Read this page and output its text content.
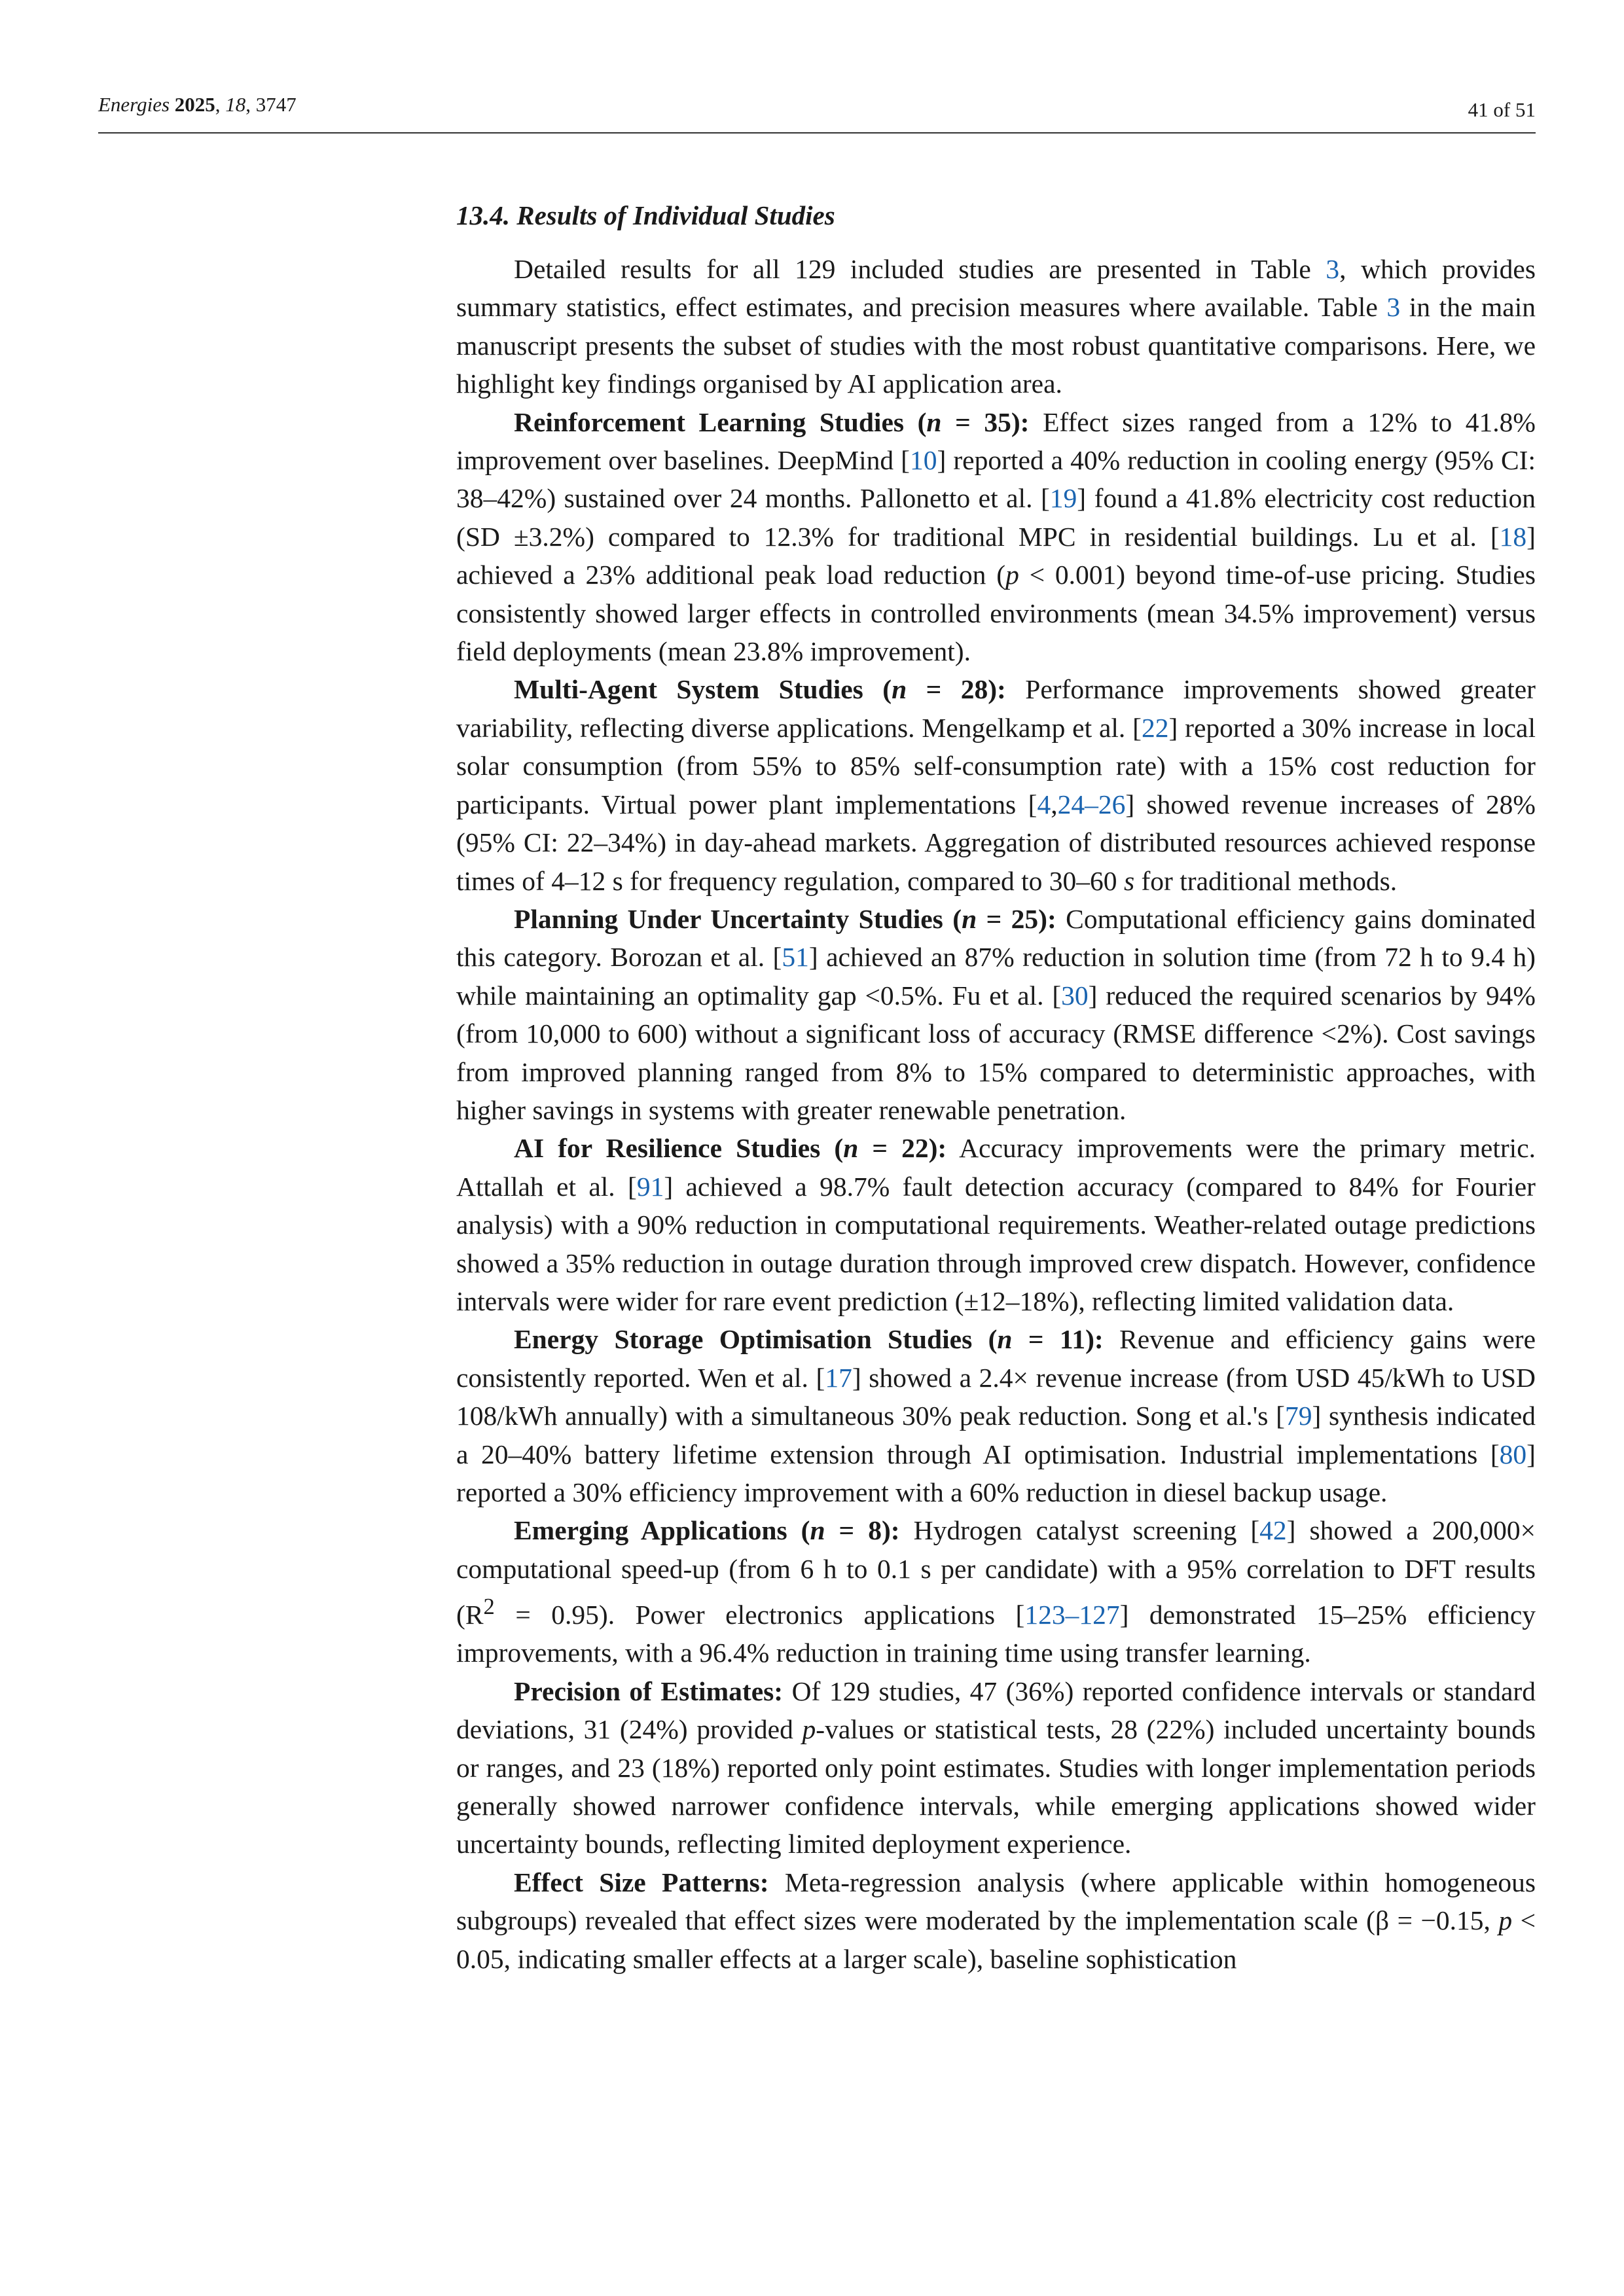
Energies 2025, 18, 3747	41 of 51
13.4. Results of Individual Studies

Detailed results for all 129 included studies are presented in Table 3, which provides summary statistics, effect estimates, and precision measures where available. Table 3 in the main manuscript presents the subset of studies with the most robust quantitative comparisons. Here, we highlight key findings organised by AI application area.

Reinforcement Learning Studies (n = 35): Effect sizes ranged from a 12% to 41.8% improvement over baselines. DeepMind [10] reported a 40% reduction in cooling energy (95% CI: 38–42%) sustained over 24 months. Pallonetto et al. [19] found a 41.8% electricity cost reduction (SD ±3.2%) compared to 12.3% for traditional MPC in residential buildings. Lu et al. [18] achieved a 23% additional peak load reduction (p < 0.001) beyond time-of-use pricing. Studies consistently showed larger effects in controlled environments (mean 34.5% improvement) versus field deployments (mean 23.8% improvement).

Multi-Agent System Studies (n = 28): Performance improvements showed greater variability, reflecting diverse applications. Mengelkamp et al. [22] reported a 30% increase in local solar consumption (from 55% to 85% self-consumption rate) with a 15% cost reduction for participants. Virtual power plant implementations [4,24–26] showed revenue increases of 28% (95% CI: 22–34%) in day-ahead markets. Aggregation of distributed resources achieved response times of 4–12 s for frequency regulation, compared to 30–60 s for traditional methods.

Planning Under Uncertainty Studies (n = 25): Computational efficiency gains dominated this category. Borozan et al. [51] achieved an 87% reduction in solution time (from 72 h to 9.4 h) while maintaining an optimality gap <0.5%. Fu et al. [30] reduced the required scenarios by 94% (from 10,000 to 600) without a significant loss of accuracy (RMSE difference <2%). Cost savings from improved planning ranged from 8% to 15% compared to deterministic approaches, with higher savings in systems with greater renewable penetration.

AI for Resilience Studies (n = 22): Accuracy improvements were the primary metric. Attallah et al. [91] achieved a 98.7% fault detection accuracy (compared to 84% for Fourier analysis) with a 90% reduction in computational requirements. Weather-related outage predictions showed a 35% reduction in outage duration through improved crew dispatch. However, confidence intervals were wider for rare event prediction (±12–18%), reflecting limited validation data.

Energy Storage Optimisation Studies (n = 11): Revenue and efficiency gains were consistently reported. Wen et al. [17] showed a 2.4× revenue increase (from USD 45/kWh to USD 108/kWh annually) with a simultaneous 30% peak reduction. Song et al.'s [79] synthesis indicated a 20–40% battery lifetime extension through AI optimisation. Industrial implementations [80] reported a 30% efficiency improvement with a 60% reduction in diesel backup usage.

Emerging Applications (n = 8): Hydrogen catalyst screening [42] showed a 200,000× computational speed-up (from 6 h to 0.1 s per candidate) with a 95% correlation to DFT results $(R^2 = 0.95)$. Power electronics applications [123–127] demonstrated 15–25% efficiency improvements, with a 96.4% reduction in training time using transfer learning.

Precision of Estimates: Of 129 studies, 47 (36%) reported confidence intervals or standard deviations, 31 (24%) provided p-values or statistical tests, 28 (22%) included uncertainty bounds or ranges, and 23 (18%) reported only point estimates. Studies with longer implementation periods generally showed narrower confidence intervals, while emerging applications showed wider uncertainty bounds, reflecting limited deployment experience.

Effect Size Patterns: Meta-regression analysis (where applicable within homogeneous subgroups) revealed that effect sizes were moderated by the implementation scale (β = −0.15, p < 0.05, indicating smaller effects at a larger scale), baseline sophistication
